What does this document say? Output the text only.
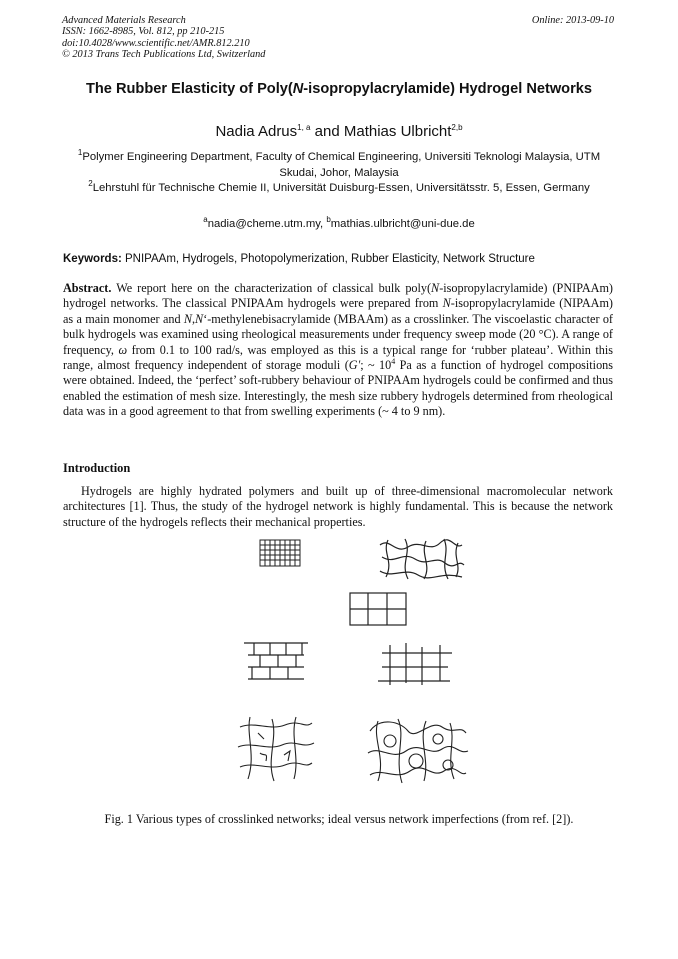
Advanced Materials Research
ISSN: 1662-8985, Vol. 812, pp 210-215
doi:10.4028/www.scientific.net/AMR.812.210
© 2013 Trans Tech Publications Ltd, Switzerland
Online: 2013-09-10
The Rubber Elasticity of Poly(N-isopropylacrylamide) Hydrogel Networks
Nadia Adrus$^{1, a}$ and Mathias Ulbricht$^{2,b}$
$^1$Polymer Engineering Department, Faculty of Chemical Engineering, Universiti Teknologi Malaysia, UTM Skudai, Johor, Malaysia
$^2$Lehrstuhl für Technische Chemie II, Universität Duisburg-Essen, Universitätsstr. 5, Essen, Germany
$^a$nadia@cheme.utm.my, $^b$mathias.ulbricht@uni-due.de
Keywords: PNIPAAm, Hydrogels, Photopolymerization, Rubber Elasticity, Network Structure
Abstract. We report here on the characterization of classical bulk poly(N-isopropylacrylamide) (PNIPAAm) hydrogel networks. The classical PNIPAAm hydrogels were prepared from N-isopropylacrylamide (NIPAAm) as a main monomer and N,N‘-methylenebisacrylamide (MBAAm) as a crosslinker. The viscoelastic character of bulk hydrogels was examined using rheological measurements under frequency sweep mode (20 °C). A range of frequency, ω from 0.1 to 100 rad/s, was employed as this is a typical range for ‘rubber plateau’. Within this range, almost frequency independent of storage moduli (G'; ~ $10^4$ Pa as a function of hydrogel compositions were obtained. Indeed, the ‘perfect’ soft-rubbery behaviour of PNIPAAm hydrogels could be confirmed and thus enabled the estimation of mesh size. Interestingly, the mesh size rubbery hydrogels determined from rheological data was in a good agreement to that from swelling experiments (~ 4 to 9 nm).
Introduction
Hydrogels are highly hydrated polymers and built up of three-dimensional macromolecular network architectures [1]. Thus, the study of the hydrogel network is highly fundamental. This is because the network structure of the hydrogels reflects their mechanical properties.
Fig. 1 Various types of crosslinked networks; ideal versus network imperfections (from ref. [2]).
